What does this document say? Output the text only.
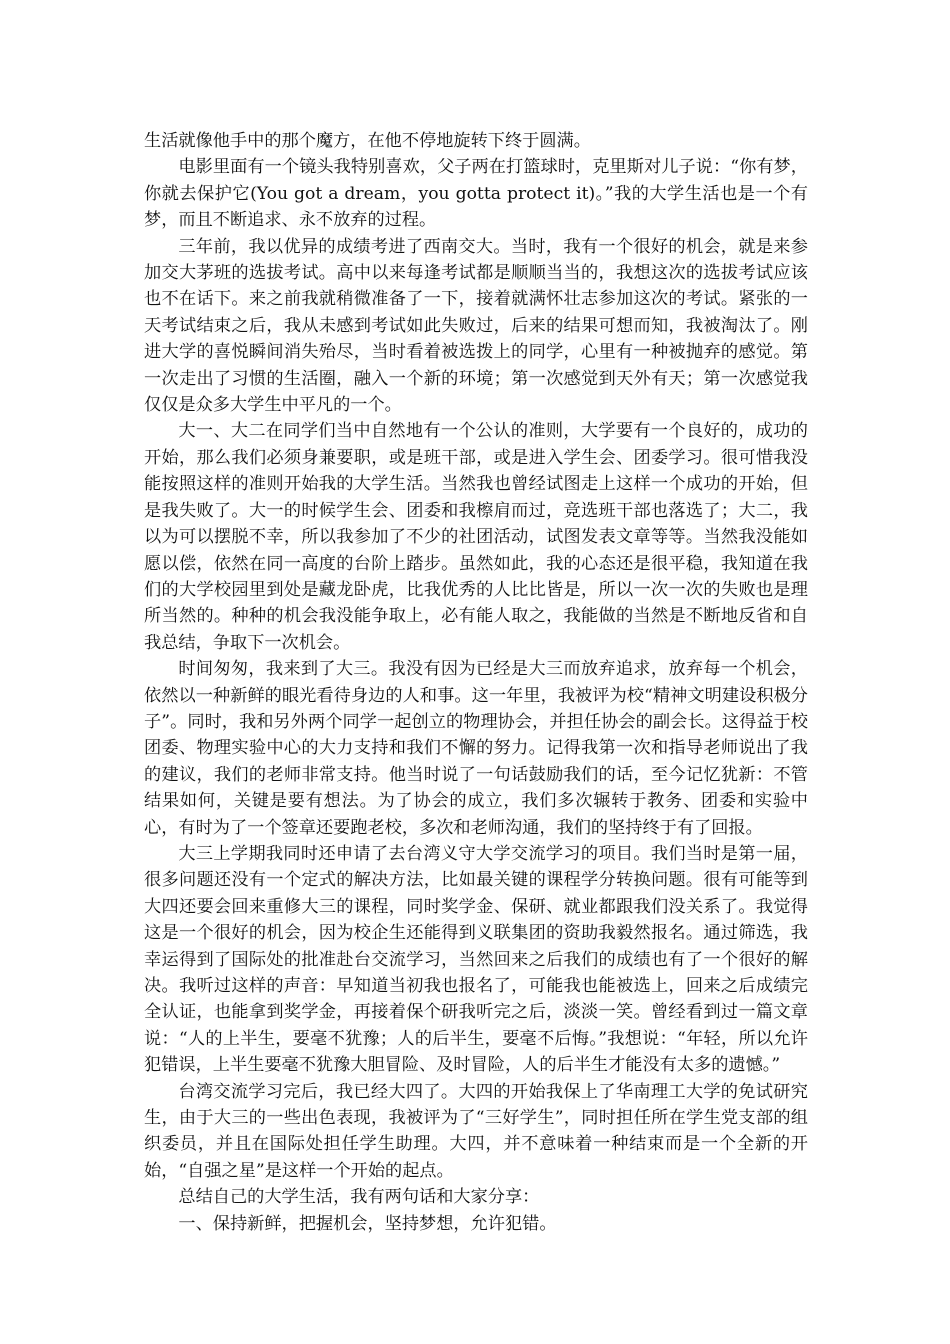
生活就像他手中的那个魔方，在他不停地旋转下终于圆满。

电影里面有一个镜头我特别喜欢，父子两在打篮球时，克里斯对儿子说：“你有梦，你就去保护它(You got a dream，you gotta protect it)。”我的大学生活也是一个有梦，而且不断追求、永不放弃的过程。

三年前，我以优异的成绩考进了西南交大。当时，我有一个很好的机会，就是来参加交大茅班的选拔考试。高中以来每逢考试都是顺顺当当的，我想这次的选拔考试应该也不在话下。来之前我就稍微准备了一下，接着就满怀壮志参加这次的考试。紧张的一天考试结束之后，我从未感到考试如此失败过，后来的结果可想而知，我被淘汰了。刚进大学的喜悦瞬间消失殆尽，当时看着被选拨上的同学，心里有一种被抛弃的感觉。第一次走出了习惯的生活圈，融入一个新的环境；第一次感觉到天外有天；第一次感觉我仅仅是众多大学生中平凡的一个。

大一、大二在同学们当中自然地有一个公认的准则，大学要有一个良好的，成功的开始，那么我们必须身兼要职，或是班干部，或是进入学生会、团委学习。很可惜我没能按照这样的准则开始我的大学生活。当然我也曾经试图走上这样一个成功的开始，但是我失败了。大一的时候学生会、团委和我檫肩而过，竞选班干部也落选了；大二，我以为可以摆脱不幸，所以我参加了不少的社团活动，试图发表文章等等。当然我没能如愿以偿，依然在同一高度的台阶上踏步。虽然如此，我的心态还是很平稳，我知道在我们的大学校园里到处是藏龙卧虎，比我优秀的人比比皆是，所以一次一次的失败也是理所当然的。种种的机会我没能争取上，必有能人取之，我能做的当然是不断地反省和自我总结，争取下一次机会。

时间匆匆，我来到了大三。我没有因为已经是大三而放弃追求，放弃每一个机会，依然以一种新鲜的眼光看待身边的人和事。这一年里，我被评为校“精神文明建设积极分子”。同时，我和另外两个同学一起创立的物理协会，并担任协会的副会长。这得益于校团委、物理实验中心的大力支持和我们不懈的努力。记得我第一次和指导老师说出了我的建议，我们的老师非常支持。他当时说了一句话鼓励我们的话，至今记忆犹新：不管结果如何，关键是要有想法。为了协会的成立，我们多次辗转于教务、团委和实验中心，有时为了一个签章还要跑老校，多次和老师沟通，我们的坚持终于有了回报。

大三上学期我同时还申请了去台湾义守大学交流学习的项目。我们当时是第一届，很多问题还没有一个定式的解决方法，比如最关键的课程学分转换问题。很有可能等到大四还要会回来重修大三的课程，同时奖学金、保研、就业都跟我们没关系了。我觉得这是一个很好的机会，因为校企生还能得到义联集团的资助我毅然报名。通过筛选，我幸运得到了国际处的批准赴台交流学习，当然回来之后我们的成绩也有了一个很好的解决。我听过这样的声音：早知道当初我也报名了，可能我也能被选上，回来之后成绩完全认证，也能拿到奖学金，再接着保个研我听完之后，淡淡一笑。曾经看到过一篇文章说：“人的上半生，要毫不犹豫；人的后半生，要毫不后悔。”我想说：“年轻，所以允许犯错误，上半生要毫不犹豫大胆冒险、及时冒险，人的后半生才能没有太多的遗憾。”

台湾交流学习完后，我已经大四了。大四的开始我保上了华南理工大学的免试研究生，由于大三的一些出色表现，我被评为了“三好学生”，同时担任所在学生党支部的组织委员，并且在国际处担任学生助理。大四，并不意味着一种结束而是一个全新的开始，“自强之星”是这样一个开始的起点。

总结自己的大学生活，我有两句话和大家分享：

一、保持新鲜，把握机会，坚持梦想，允许犯错。
